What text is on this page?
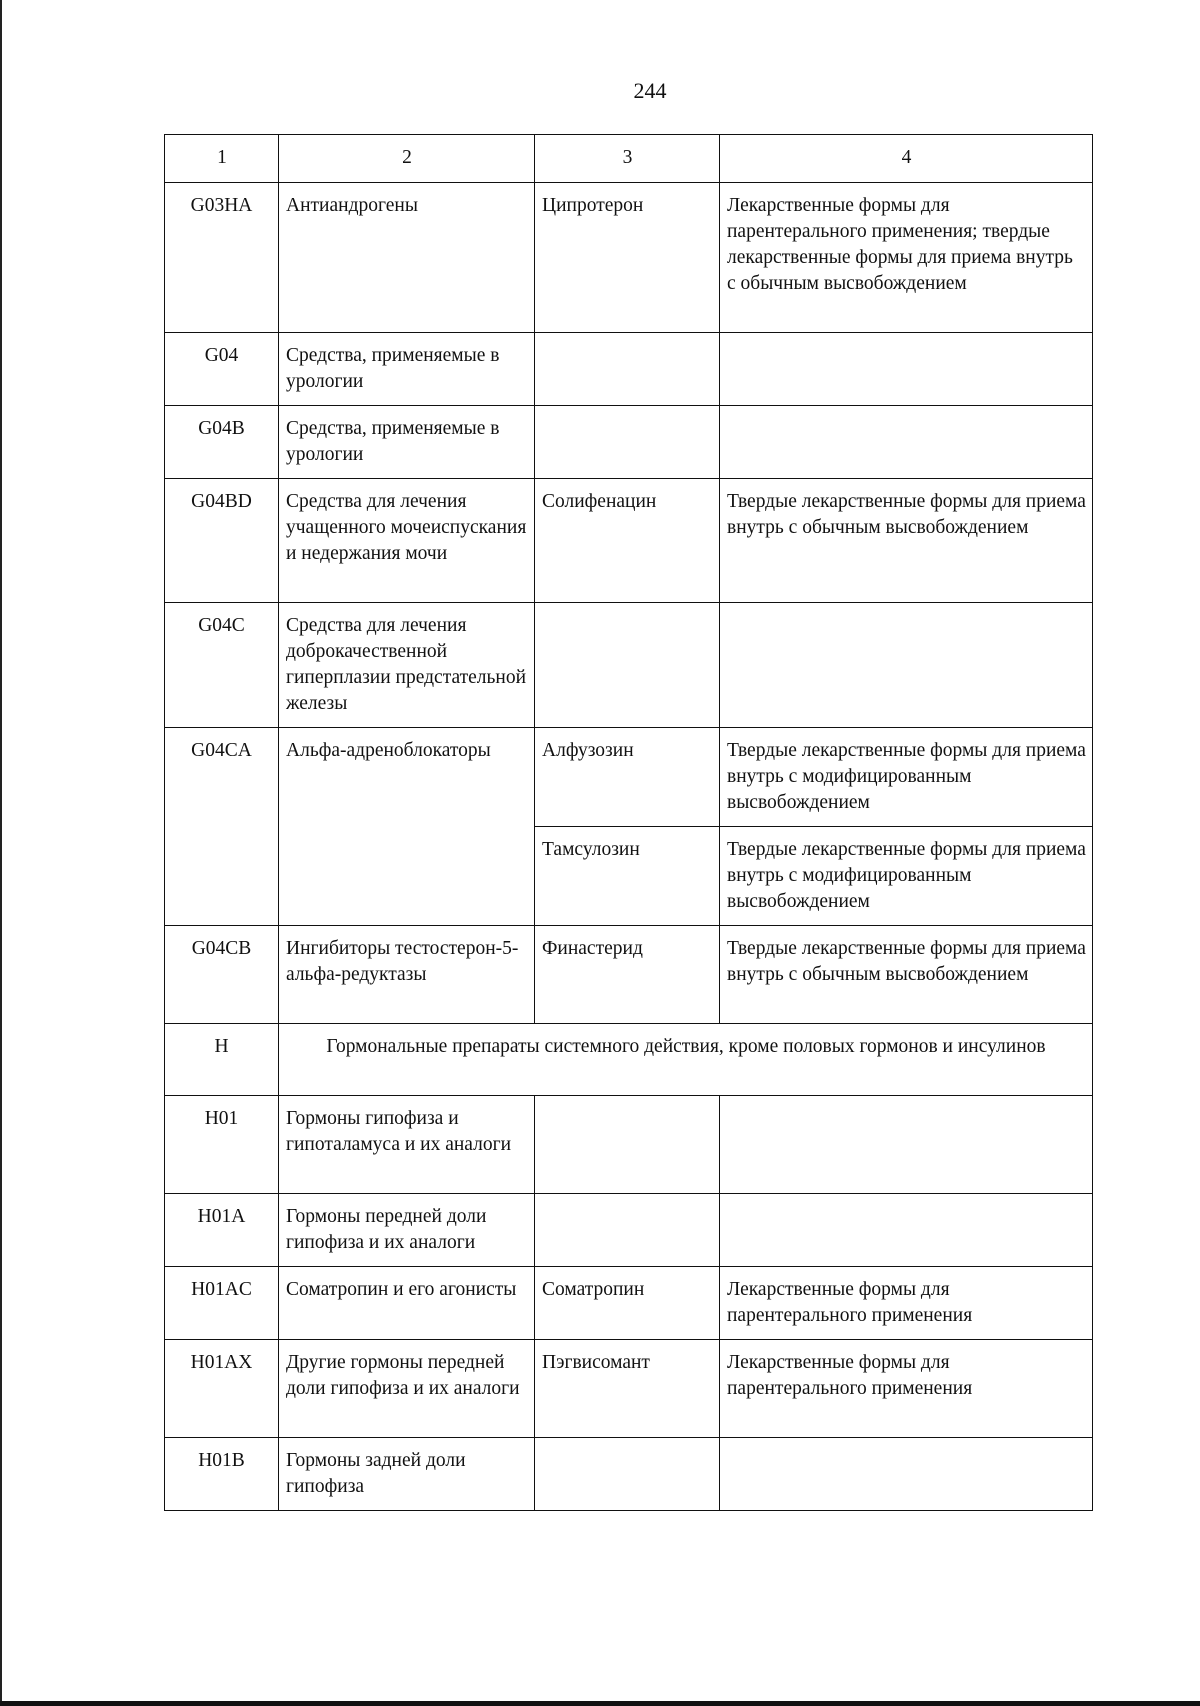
244
1	2	3	4
G03HA	Антиандрогены	Ципротерон	Лекарственные формы для парентерального применения; твердые лекарственные формы для приема внутрь с обычным высвобождением
G04	Средства, применяемые в урологии		
G04B	Средства, применяемые в урологии		
G04BD	Средства для лечения учащенного мочеиспускания и недержания мочи	Солифенацин	Твердые лекарственные формы для приема внутрь с обычным высвобождением
G04C	Средства для лечения доброкачественной гиперплазии предстательной железы		
G04CA	Альфа-адреноблокаторы	Алфузозин	Твердые лекарственные формы для приема внутрь с модифицированным высвобождением
		Тамсулозин	Твердые лекарственные формы для приема внутрь с модифицированным высвобождением
G04CB	Ингибиторы тестостерон-5-альфа-редуктазы	Финастерид	Твердые лекарственные формы для приема внутрь с обычным высвобождением
H	Гормональные препараты системного действия, кроме половых гормонов и инсулинов		
H01	Гормоны гипофиза и гипоталамуса и их аналоги		
H01A	Гормоны передней доли гипофиза и их аналоги		
H01AC	Соматропин и его агонисты	Соматропин	Лекарственные формы для парентерального применения
H01AX	Другие гормоны передней доли гипофиза и их аналоги	Пэгвисомант	Лекарственные формы для парентерального применения
H01B	Гормоны задней доли гипофиза		
